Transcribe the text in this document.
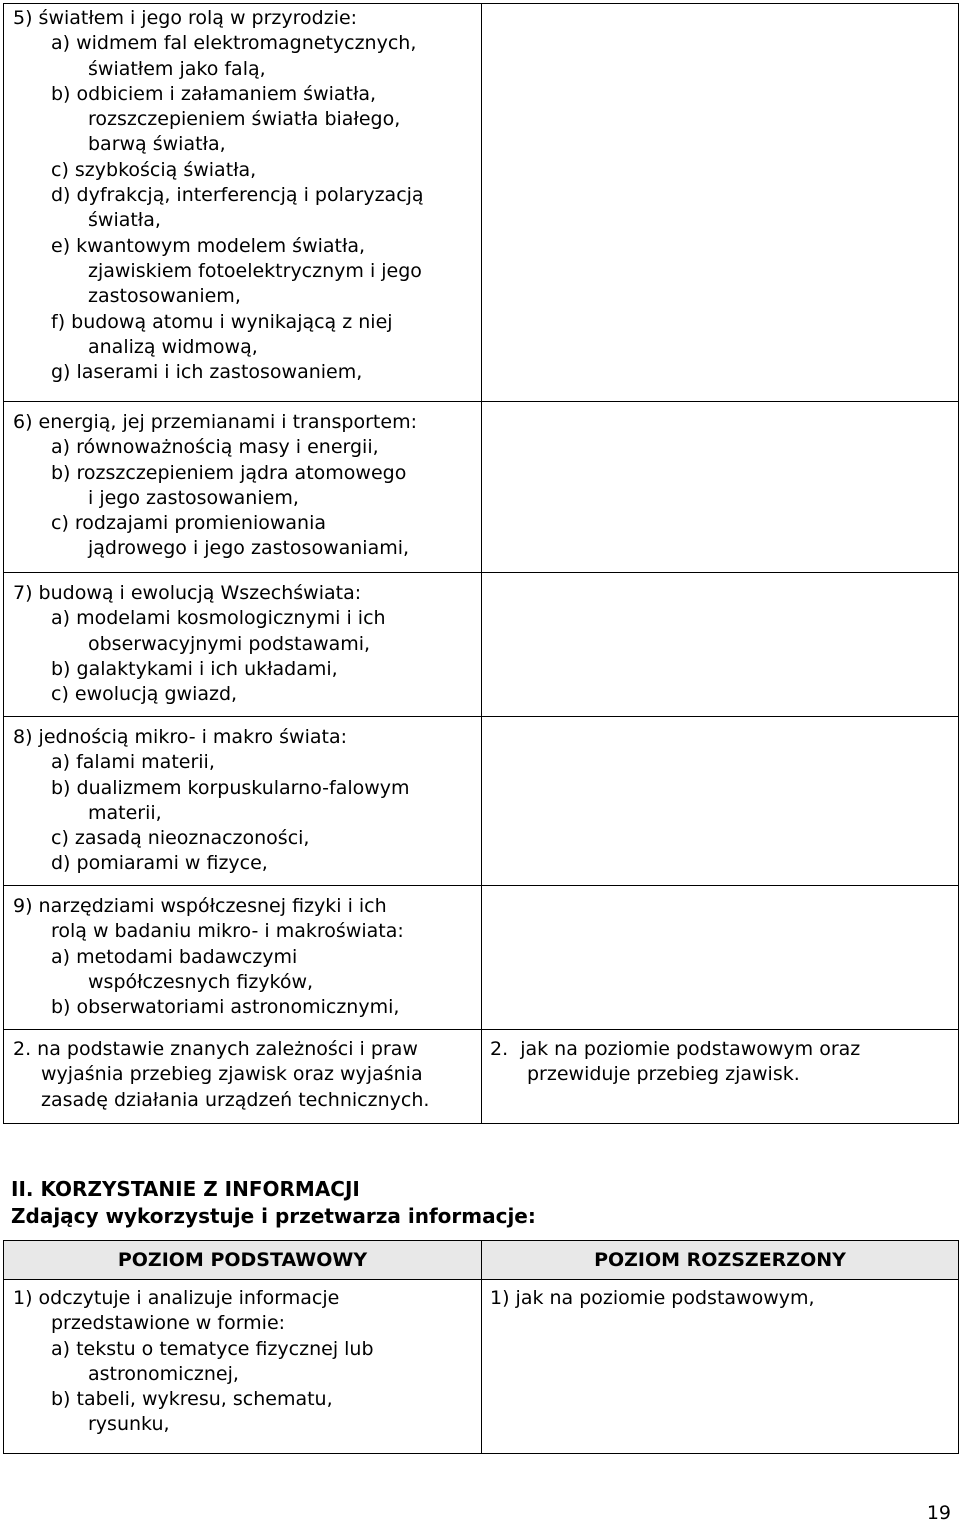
5) światłem i jego rolą w przyrodzie:
a) widmem fal elektromagnetycznych,
światłem jako falą,
b) odbiciem i załamaniem światła,
rozszczepieniem światła białego,
barwą światła,
c) szybkością światła,
d) dyfrakcją, interferencją i polaryzacją
światła,
e) kwantowym modelem światła,
zjawiskiem fotoelektrycznym i jego
zastosowaniem,
f) budową atomu i wynikającą z niej
analizą widmową,
g) laserami i ich zastosowaniem,
6) energią, jej przemianami i transportem:
a) równoważnością masy i energii,
b) rozszczepieniem jądra atomowego
i jego zastosowaniem,
c) rodzajami promieniowania
jądrowego i jego zastosowaniami,
7) budową i ewolucją Wszechświata:
a) modelami kosmologicznymi i ich
obserwacyjnymi podstawami,
b) galaktykami i ich układami,
c) ewolucją gwiazd,
8) jednością mikro- i makro świata:
a) falami materii,
b) dualizmem korpuskularno-falowym
materii,
c) zasadą nieoznaczoności,
d) pomiarami w fizyce,
9) narzędziami współczesnej fizyki i ich
rolą w badaniu mikro- i makroświata:
a) metodami badawczymi
współczesnych fizyków,
b) obserwatoriami astronomicznymi,
2. na podstawie znanych zależności i praw
wyjaśnia przebieg zjawisk oraz wyjaśnia
zasadę działania urządzeń technicznych.
2.  jak na poziomie podstawowym oraz
przewiduje przebieg zjawisk.
II. KORZYSTANIE Z INFORMACJI
Zdający wykorzystuje i przetwarza informacje:
POZIOM PODSTAWOWY	POZIOM ROZSZERZONY
1) odczytuje i analizuje informacje
przedstawione w formie:
a) tekstu o tematyce fizycznej lub
astronomicznej,
b) tabeli, wykresu, schematu,
rysunku,
1) jak na poziomie podstawowym,
19
